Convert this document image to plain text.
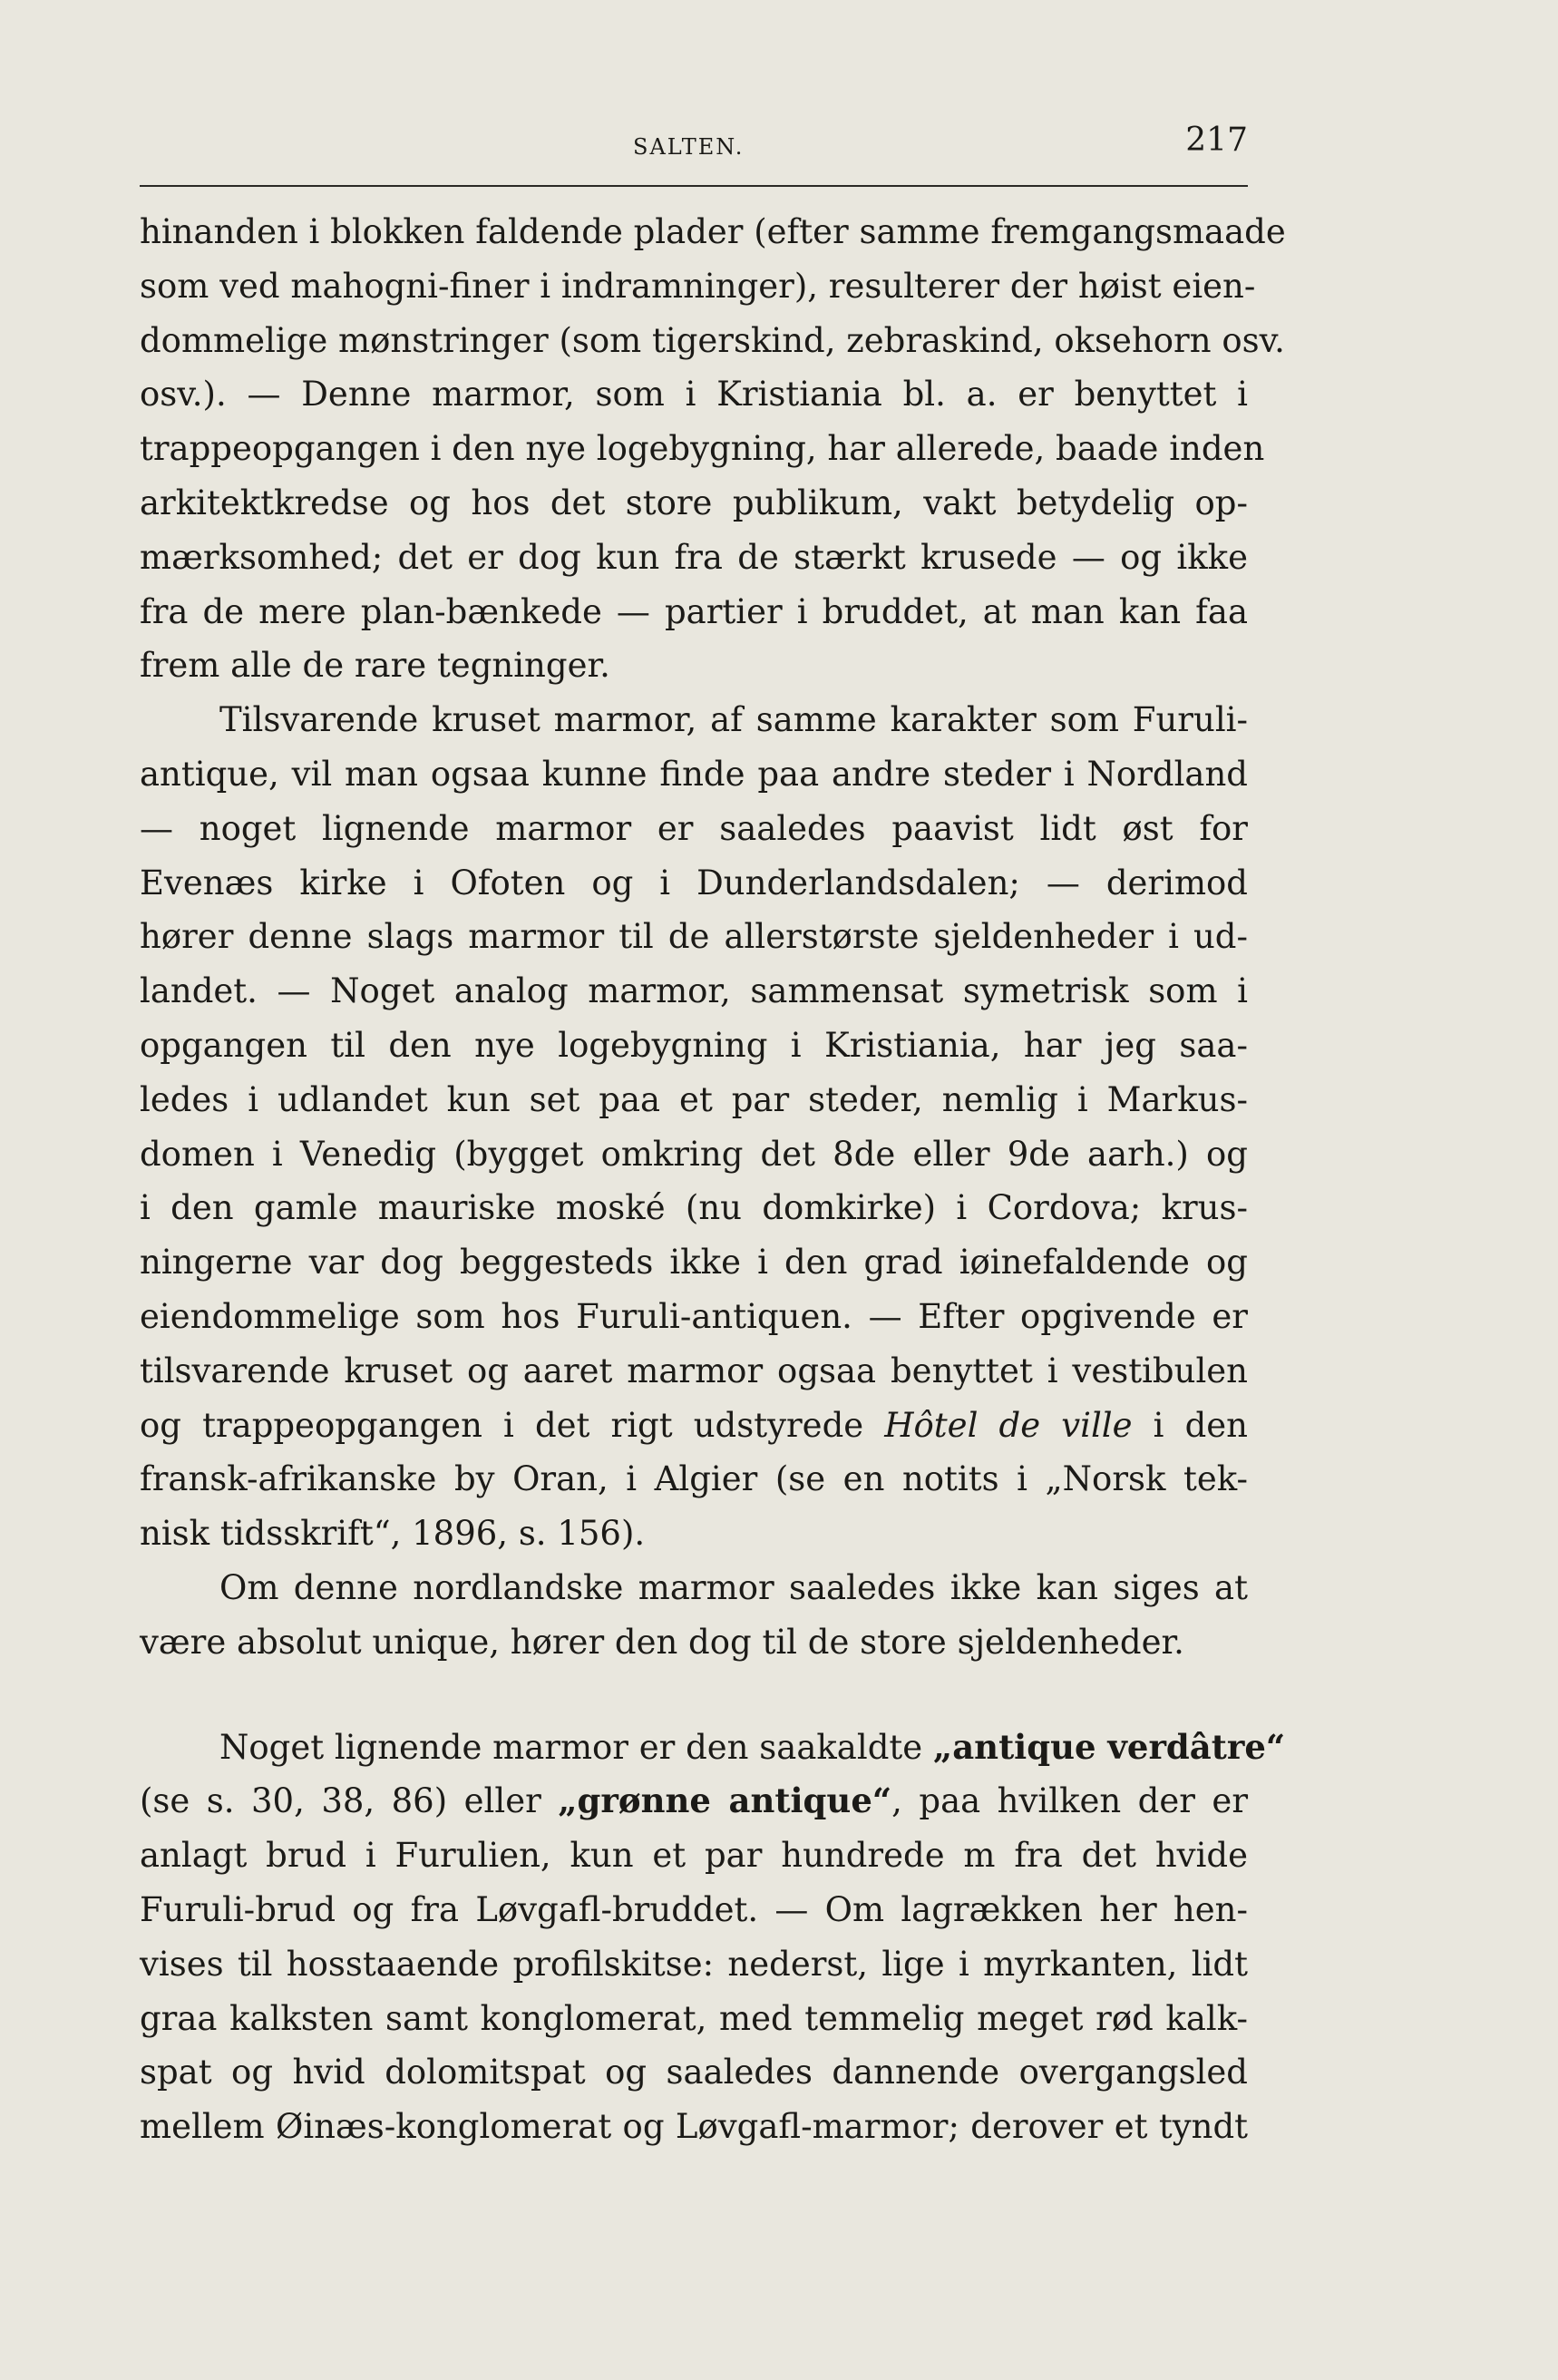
SALTEN.	217
hinanden i blokken faldende plader (efter samme fremgangsmaade
som ved mahogni-finer i indramninger), resulterer der høist eien-
dommelige mønstringer (som tigerskind, zebraskind, oksehorn osv.
osv.). — Denne marmor, som i Kristiania bl. a. er benyttet i
trappeopgangen i den nye logebygning, har allerede, baade inden
arkitektkredse og hos det store publikum, vakt betydelig op-
mærksomhed; det er dog kun fra de stærkt krusede — og ikke
fra de mere plan-bænkede — partier i bruddet, at man kan faa
frem alle de rare tegninger.
Tilsvarende kruset marmor, af samme karakter som Furuli-
antique, vil man ogsaa kunne finde paa andre steder i Nordland
— noget lignende marmor er saaledes paavist lidt øst for
Evenæs kirke i Ofoten og i Dunderlandsdalen; — derimod
hører denne slags marmor til de allerstørste sjeldenheder i ud-
landet. — Noget analog marmor, sammensat symetrisk som i
opgangen til den nye logebygning i Kristiania, har jeg saa-
ledes i udlandet kun set paa et par steder, nemlig i Markus-
domen i Venedig (bygget omkring det 8de eller 9de aarh.) og
i den gamle mauriske moské (nu domkirke) i Cordova; krus-
ningerne var dog beggesteds ikke i den grad iøinefaldende og
eiendommelige som hos Furuli-antiquen. — Efter opgivende er
tilsvarende kruset og aaret marmor ogsaa benyttet i vestibulen
og trappeopgangen i det rigt udstyrede Hôtel de ville i den
fransk-afrikanske by Oran, i Algier (se en notits i „Norsk tek-
nisk tidsskrift“, 1896, s. 156).
Om denne nordlandske marmor saaledes ikke kan siges at
være absolut unique, hører den dog til de store sjeldenheder.
Noget lignende marmor er den saakaldte „antique verdâtre“
(se s. 30, 38, 86) eller „grønne antique“, paa hvilken der er
anlagt brud i Furulien, kun et par hundrede m fra det hvide
Furuli-brud og fra Løvgafl-bruddet. — Om lagrækken her hen-
vises til hosstaaende profilskitse: nederst, lige i myrkanten, lidt
graa kalksten samt konglomerat, med temmelig meget rød kalk-
spat og hvid dolomitspat og saaledes dannende overgangsled
mellem Øinæs-konglomerat og Løvgafl-marmor; derover et tyndt
